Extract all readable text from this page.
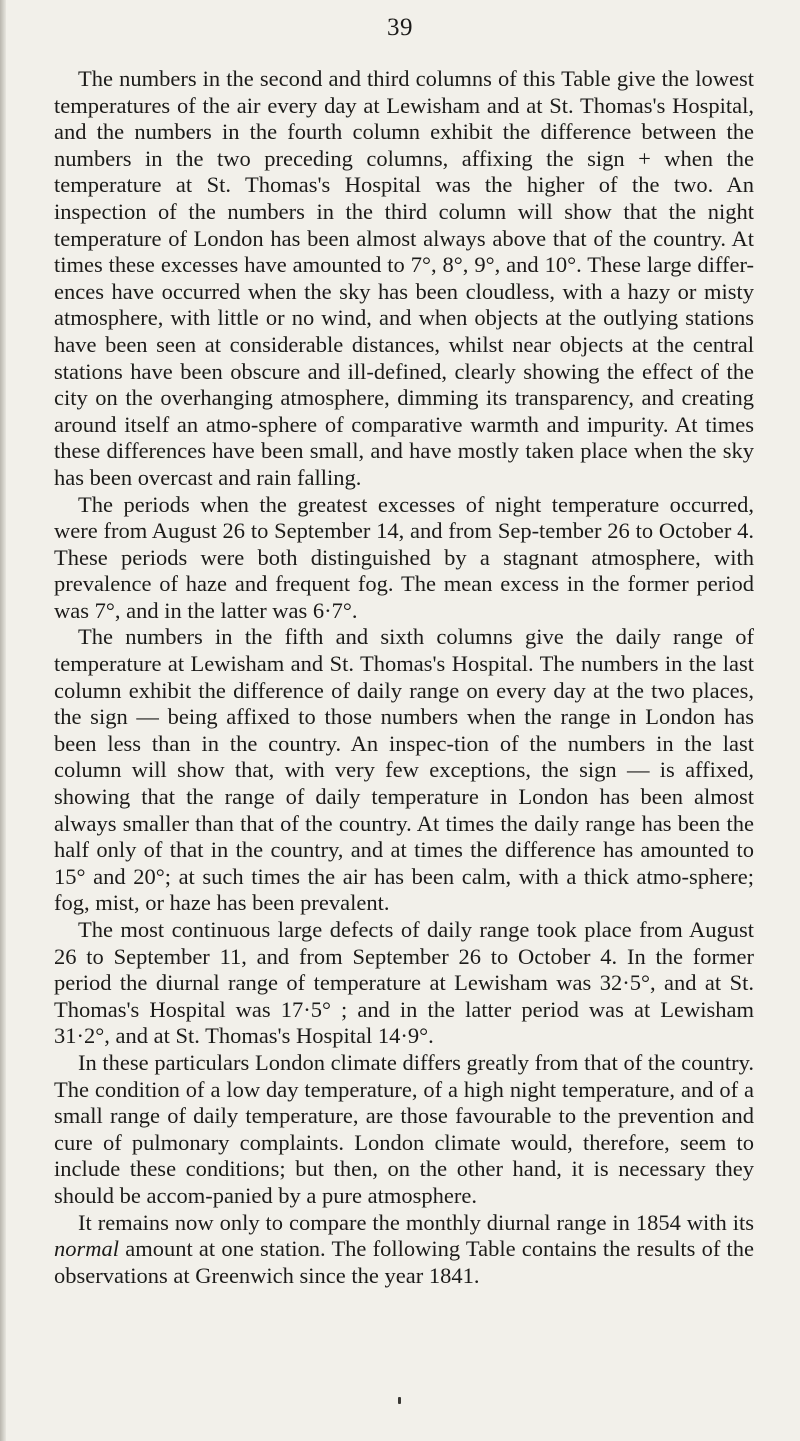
39

The numbers in the second and third columns of this Table give the lowest temperatures of the air every day at Lewisham and at St. Thomas's Hospital, and the numbers in the fourth column exhibit the difference between the numbers in the two preceding columns, affixing the sign + when the temperature at St. Thomas's Hospital was the higher of the two. An inspection of the numbers in the third column will show that the night temperature of London has been almost always above that of the country. At times these excesses have amounted to 7°, 8°, 9°, and 10°. These large differ-ences have occurred when the sky has been cloudless, with a hazy or misty atmosphere, with little or no wind, and when objects at the outlying stations have been seen at considerable distances, whilst near objects at the central stations have been obscure and ill-defined, clearly showing the effect of the city on the overhanging atmosphere, dimming its transparency, and creating around itself an atmo-sphere of comparative warmth and impurity. At times these differences have been small, and have mostly taken place when the sky has been overcast and rain falling.

The periods when the greatest excesses of night temperature occurred, were from August 26 to September 14, and from Sep-tember 26 to October 4. These periods were both distinguished by a stagnant atmosphere, with prevalence of haze and frequent fog. The mean excess in the former period was 7°, and in the latter was 6·7°.

The numbers in the fifth and sixth columns give the daily range of temperature at Lewisham and St. Thomas's Hospital. The numbers in the last column exhibit the difference of daily range on every day at the two places, the sign — being affixed to those numbers when the range in London has been less than in the country. An inspec-tion of the numbers in the last column will show that, with very few exceptions, the sign — is affixed, showing that the range of daily temperature in London has been almost always smaller than that of the country. At times the daily range has been the half only of that in the country, and at times the difference has amounted to 15° and 20°; at such times the air has been calm, with a thick atmo-sphere; fog, mist, or haze has been prevalent.

The most continuous large defects of daily range took place from August 26 to September 11, and from September 26 to October 4. In the former period the diurnal range of temperature at Lewisham was 32·5°, and at St. Thomas's Hospital was 17·5° ; and in the latter period was at Lewisham 31·2°, and at St. Thomas's Hospital 14·9°.

In these particulars London climate differs greatly from that of the country. The condition of a low day temperature, of a high night temperature, and of a small range of daily temperature, are those favourable to the prevention and cure of pulmonary complaints. London climate would, therefore, seem to include these conditions; but then, on the other hand, it is necessary they should be accom-panied by a pure atmosphere.

It remains now only to compare the monthly diurnal range in 1854 with its normal amount at one station. The following Table contains the results of the observations at Greenwich since the year 1841.
